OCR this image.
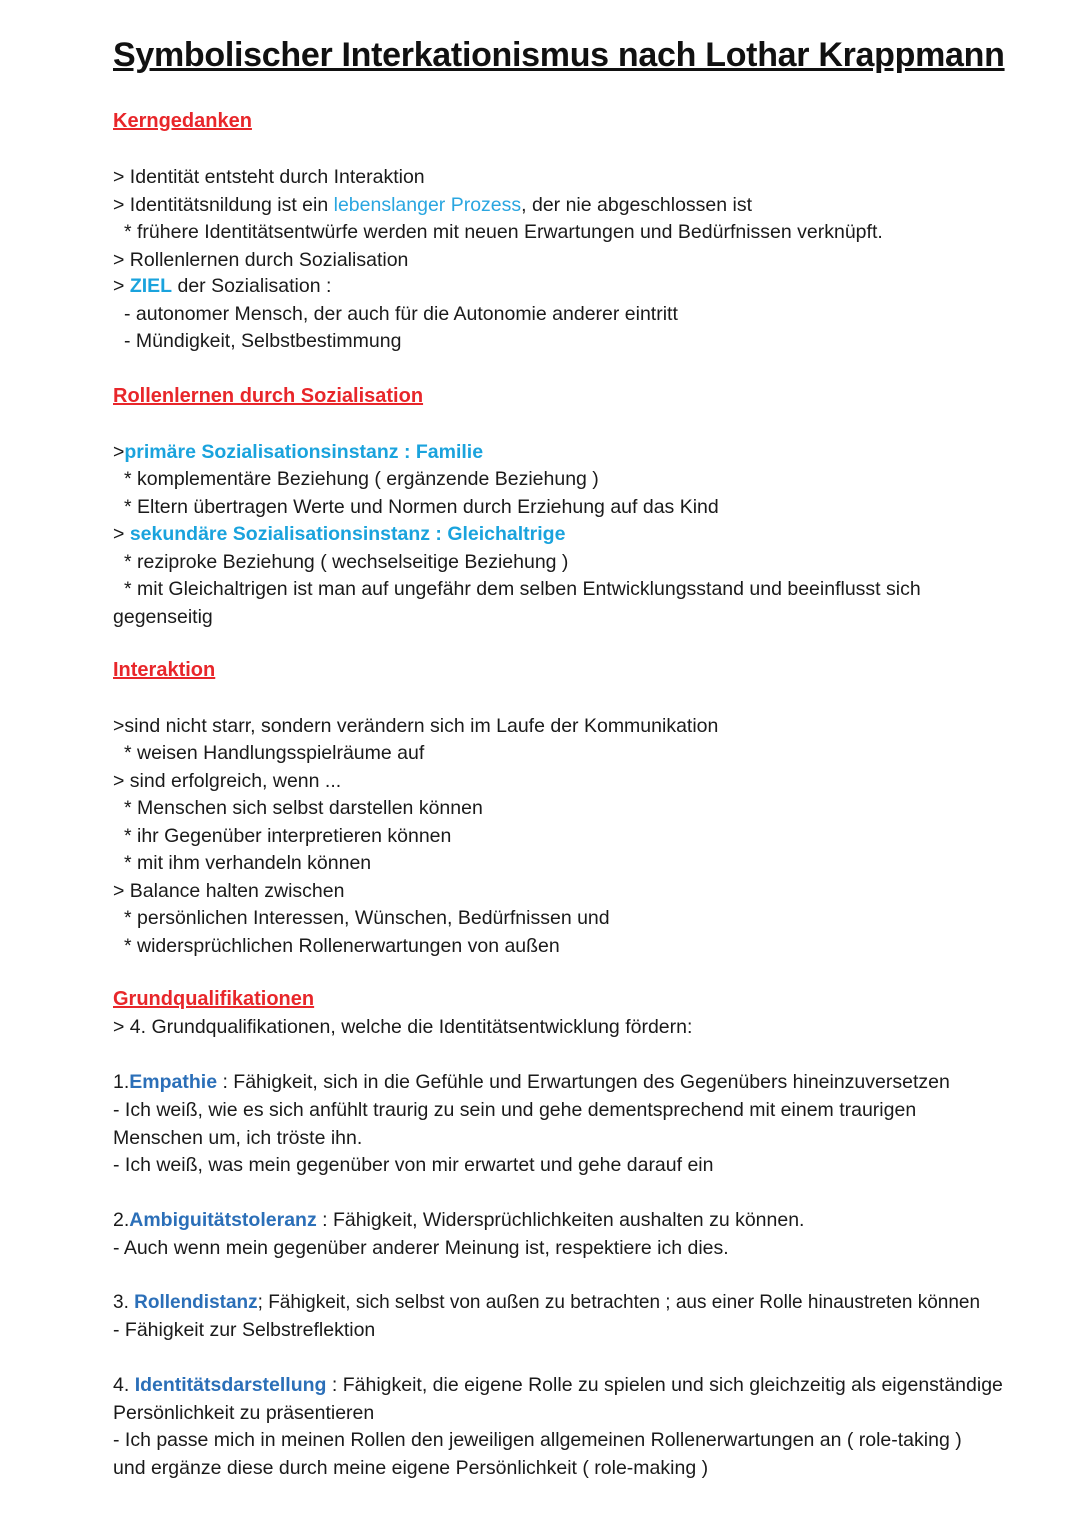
Symbolischer Interkationismus nach Lothar Krappmann
Kerngedanken
> Identität entsteht durch Interaktion
> Identitätsnildung ist ein lebenslanger Prozess, der nie abgeschlossen ist
* frühere Identitätsentwürfe werden mit neuen Erwartungen und Bedürfnissen verknüpft.
> Rollenlernen durch Sozialisation
> ZIEL der Sozialisation :
- autonomer Mensch, der auch für die Autonomie anderer eintritt
- Mündigkeit, Selbstbestimmung
Rollenlernen durch Sozialisation
>primäre Sozialisationsinstanz : Familie
* komplementäre Beziehung ( ergänzende Beziehung )
* Eltern übertragen Werte und Normen durch Erziehung auf das Kind
> sekundäre Sozialisationsinstanz : Gleichaltrige
* reziproke Beziehung ( wechselseitige Beziehung )
* mit Gleichaltrigen ist man auf ungefähr dem selben Entwicklungsstand und beeinflusst sich
gegenseitig
Interaktion
>sind nicht starr, sondern verändern sich im Laufe der Kommunikation
* weisen Handlungsspielräume auf
> sind erfolgreich, wenn ...
* Menschen sich selbst darstellen können
* ihr Gegenüber interpretieren können
* mit ihm verhandeln können
> Balance halten zwischen
* persönlichen Interessen, Wünschen, Bedürfnissen und
* widersprüchlichen Rollenerwartungen von außen
Grundqualifikationen
> 4. Grundqualifikationen, welche die Identitätsentwicklung fördern:
1.Empathie : Fähigkeit, sich in die Gefühle und Erwartungen des Gegenübers hineinzuversetzen
- Ich weiß, wie es sich anfühlt traurig zu sein und gehe dementsprechend mit einem traurigen
Menschen um, ich tröste ihn.
- Ich weiß, was mein gegenüber von mir erwartet und gehe darauf ein
2.Ambiguitätstoleranz : Fähigkeit, Widersprüchlichkeiten aushalten zu können.
- Auch wenn mein gegenüber anderer Meinung ist, respektiere ich dies.
3. Rollendistanz; Fähigkeit, sich selbst von außen zu betrachten ; aus einer Rolle hinaustreten können
- Fähigkeit zur Selbstreflektion
4. Identitätsdarstellung : Fähigkeit, die eigene Rolle zu spielen und sich gleichzeitig als eigenständige
Persönlichkeit zu präsentieren
- Ich passe mich in meinen Rollen den jeweiligen allgemeinen Rollenerwartungen an ( role-taking )
und ergänze diese durch meine eigene Persönlichkeit ( role-making )
